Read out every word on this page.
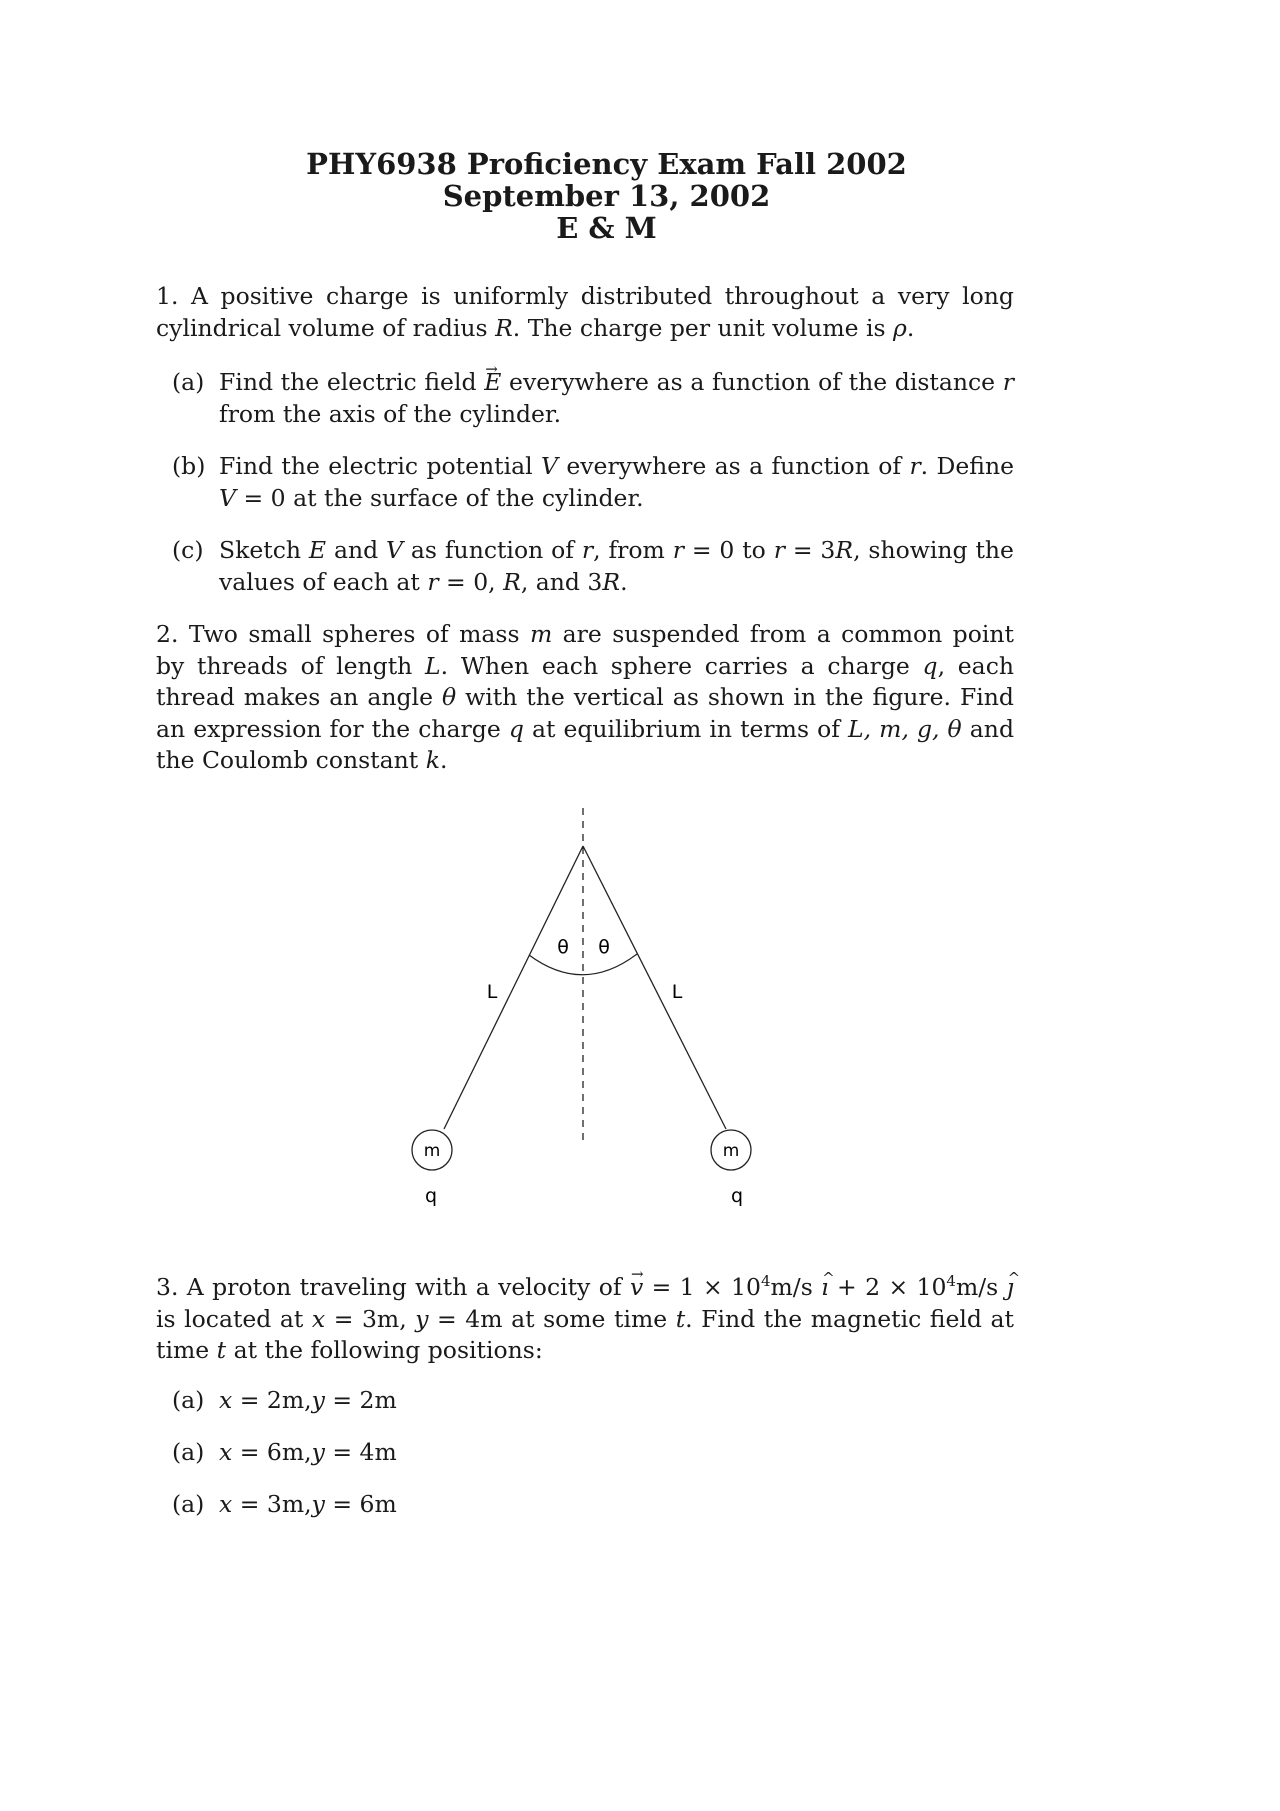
PHY6938 Proficiency Exam Fall 2002
September 13, 2002
E & M
1. A positive charge is uniformly distributed throughout a very long cylindrical volume of radius R. The charge per unit volume is ρ.
(a) Find the electric field → E everywhere as a function of the distance r from the axis of the cylinder.
(b) Find the electric potential V everywhere as a function of r. Define V = 0 at the surface of the cylinder.
(c) Sketch E and V as function of r, from r = 0 to r = 3R, showing the values of each at r = 0, R, and 3R.
2. Two small spheres of mass m are suspended from a common point by threads of length L. When each sphere carries a charge q, each thread makes an angle θ with the vertical as shown in the figure. Find an expression for the charge q at equilibrium in terms of L, m, g, θ and the Coulomb constant k.
θ θ
L	L
m	m
q	q
3. A proton traveling with a velocity of → $v = 1 \times 10^4m/s$ ^ ı + $2 \times 10^4m/s$ ^ ȷ is located at x = 3m, y = 4m at some time t. Find the magnetic field at time t at the following positions:
(a) x = 2m,y = 2m
(a) x = 6m,y = 4m
(a) x = 3m,y = 6m
